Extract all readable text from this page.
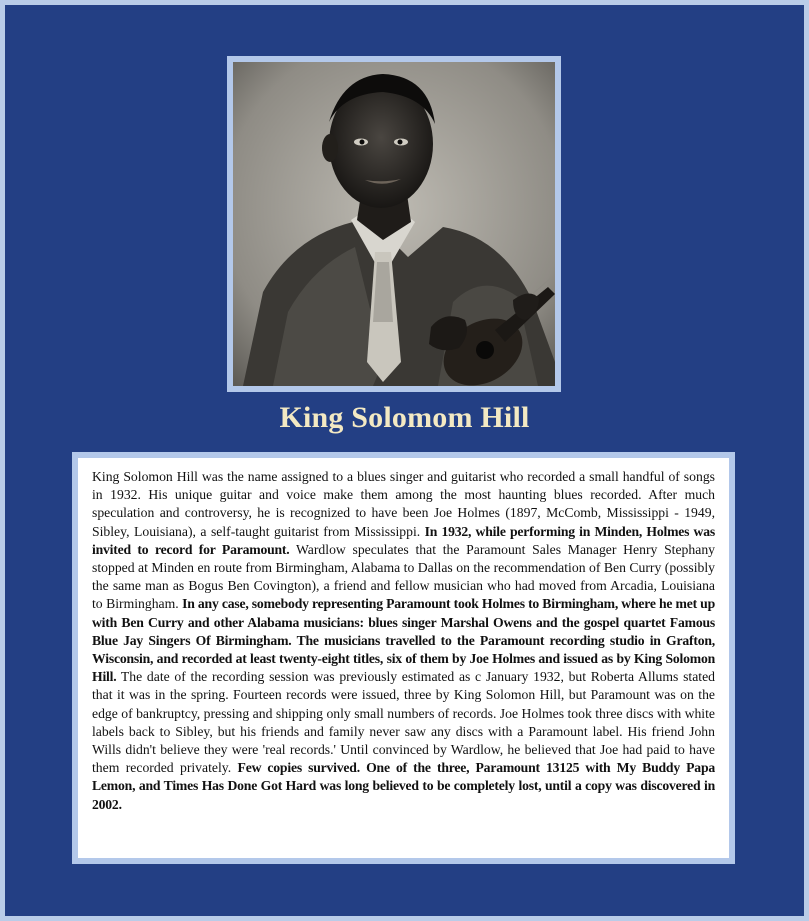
King Solomom Hill

King Solomon Hill was the name assigned to a blues singer and guitarist who recorded a small handful of songs in 1932. His unique guitar and voice make them among the most haunting blues recorded. After much speculation and controversy, he is recognized to have been Joe Holmes (1897, McComb, Mississippi - 1949, Sibley, Louisiana), a self-taught guitarist from Mississippi. In 1932, while performing in Minden, Holmes was invited to record for Paramount. Wardlow speculates that the Paramount Sales Manager Henry Stephany stopped at Minden en route from Birmingham, Alabama to Dallas on the recommendation of Ben Curry (possibly the same man as Bogus Ben Covington), a friend and fellow musician who had moved from Arcadia, Louisiana to Birmingham. In any case, somebody representing Paramount took Holmes to Birmingham, where he met up with Ben Curry and other Alabama musicians: blues singer Marshal Owens and the gospel quartet Famous Blue Jay Singers Of Birmingham. The musicians travelled to the Paramount recording studio in Grafton, Wisconsin, and recorded at least twenty-eight titles, six of them by Joe Holmes and issued as by King Solomon Hill. The date of the recording session was previously estimated as c January 1932, but Roberta Allums stated that it was in the spring. Fourteen records were issued, three by King Solomon Hill, but Paramount was on the edge of bankruptcy, pressing and shipping only small numbers of records. Joe Holmes took three discs with white labels back to Sibley, but his friends and family never saw any discs with a Paramount label. His friend John Wills didn't believe they were 'real records.' Until convinced by Wardlow, he believed that Joe had paid to have them recorded privately. Few copies survived. One of the three, Paramount 13125 with My Buddy Papa Lemon, and Times Has Done Got Hard was long believed to be completely lost, until a copy was discovered in 2002.
